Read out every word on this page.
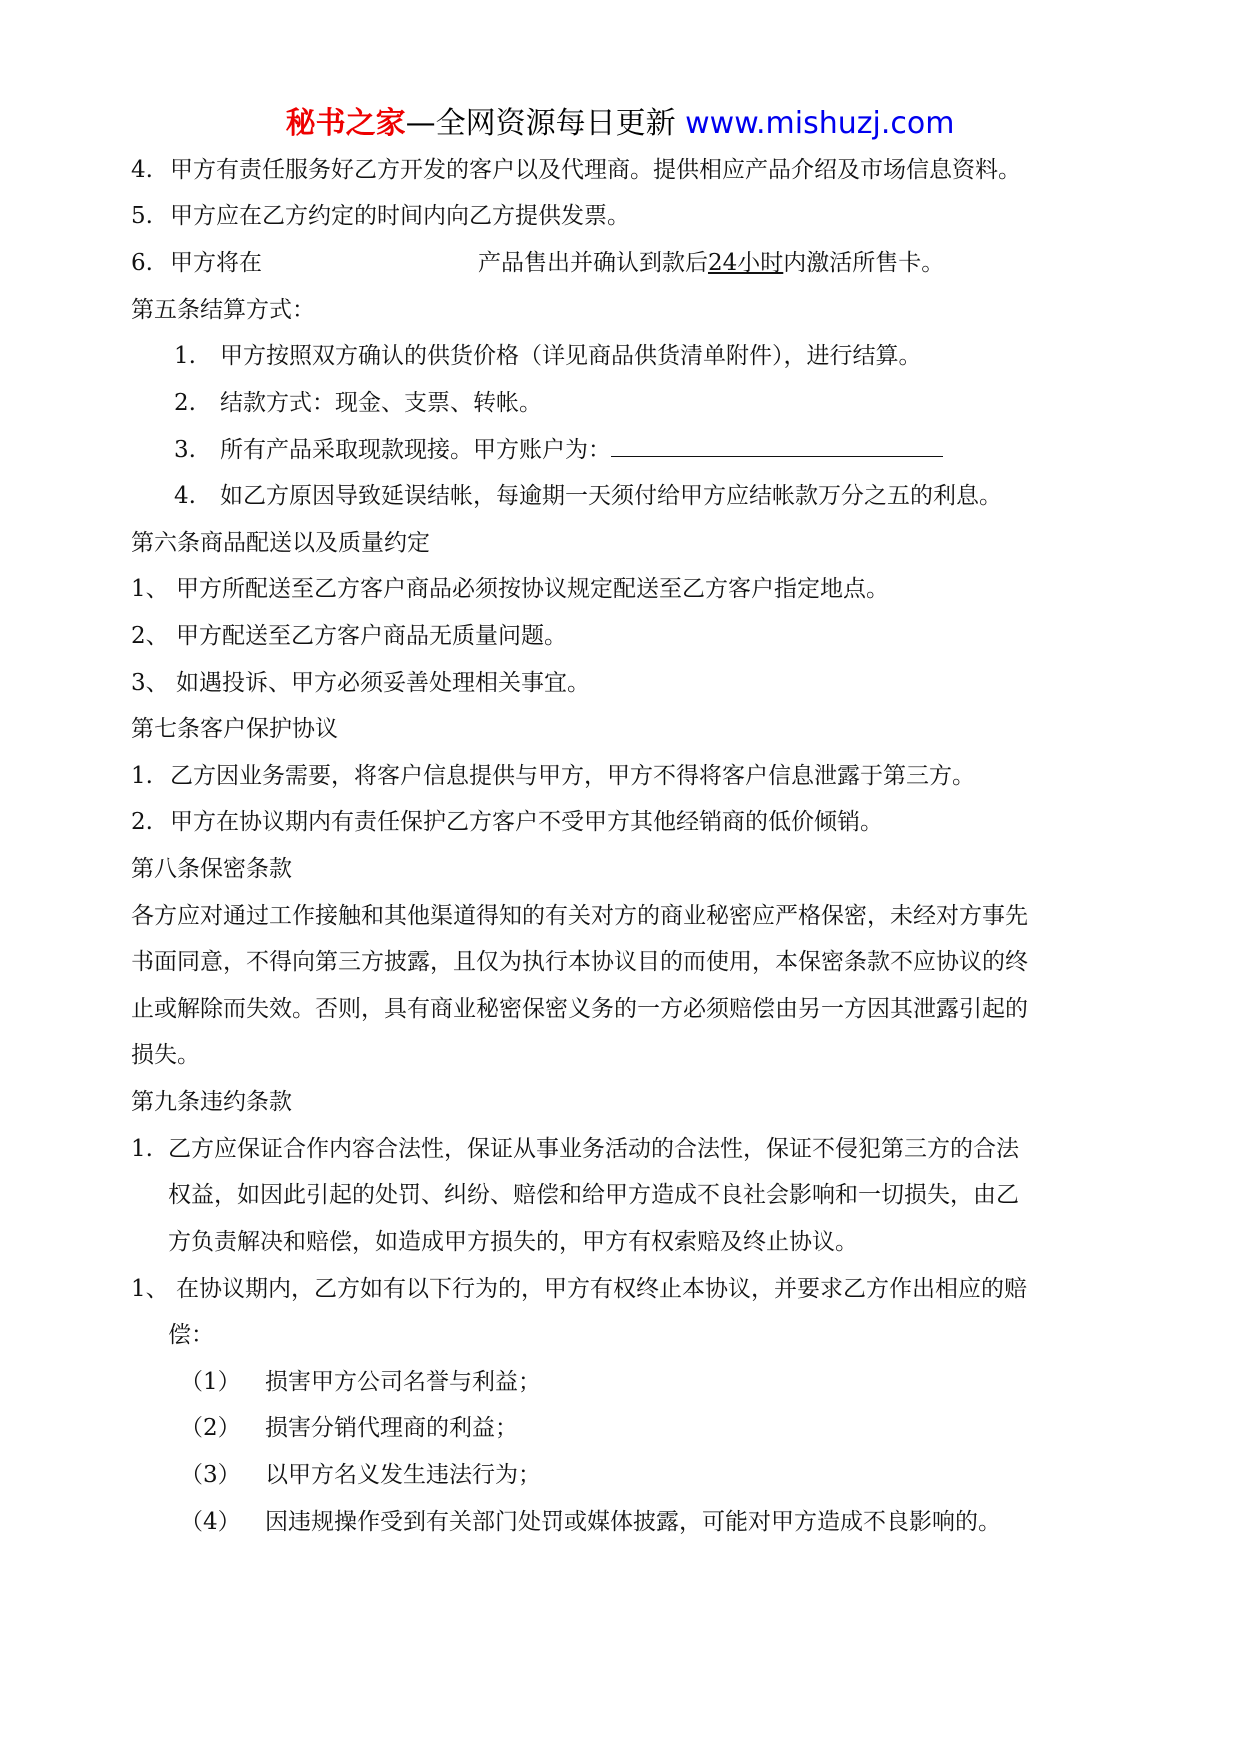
秘书之家—全网资源每日更新 www.mishuzj.com
4. 甲方有责任服务好乙方开发的客户以及代理商。提供相应产品介绍及市场信息资料。
5. 甲方应在乙方约定的时间内向乙方提供发票。
6. 甲方将在	产品售出并确认到款后24小时内激活所售卡。
第五条结算方式：
1. 甲方按照双方确认的供货价格（详见商品供货清单附件），进行结算。
2. 结款方式：现金、支票、转帐。
3. 所有产品采取现款现接。甲方账户为：
4. 如乙方原因导致延误结帐，每逾期一天须付给甲方应结帐款万分之五的利息。
第六条商品配送以及质量约定
1、 甲方所配送至乙方客户商品必须按协议规定配送至乙方客户指定地点。
2、 甲方配送至乙方客户商品无质量问题。
3、 如遇投诉、甲方必须妥善处理相关事宜。
第七条客户保护协议
1. 乙方因业务需要，将客户信息提供与甲方，甲方不得将客户信息泄露于第三方。
2. 甲方在协议期内有责任保护乙方客户不受甲方其他经销商的低价倾销。
第八条保密条款
各方应对通过工作接触和其他渠道得知的有关对方的商业秘密应严格保密，未经对方事先
书面同意，不得向第三方披露，且仅为执行本协议目的而使用，本保密条款不应协议的终
止或解除而失效。否则，具有商业秘密保密义务的一方必须赔偿由另一方因其泄露引起的
损失。
第九条违约条款
1. 乙方应保证合作内容合法性，保证从事业务活动的合法性，保证不侵犯第三方的合法
权益，如因此引起的处罚、纠纷、赔偿和给甲方造成不良社会影响和一切损失，由乙
方负责解决和赔偿，如造成甲方损失的，甲方有权索赔及终止协议。
1、 在协议期内，乙方如有以下行为的，甲方有权终止本协议，并要求乙方作出相应的赔
偿：
（1） 损害甲方公司名誉与利益；
（2） 损害分销代理商的利益；
（3） 以甲方名义发生违法行为；
（4） 因违规操作受到有关部门处罚或媒体披露，可能对甲方造成不良影响的。
